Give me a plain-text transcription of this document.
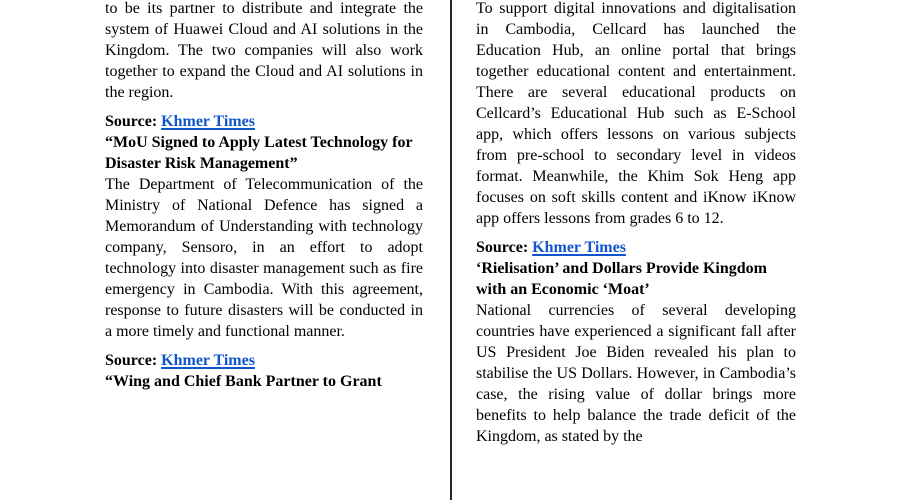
to be its partner to distribute and integrate the system of Huawei Cloud and AI solutions in the Kingdom. The two companies will also work together to expand the Cloud and AI solutions in the region.

Source: Khmer Times

“MoU Signed to Apply Latest Technology for Disaster Risk Management”

The Department of Telecommunication of the Ministry of National Defence has signed a Memorandum of Understanding with technology company, Sensoro, in an effort to adopt technology into disaster management such as fire emergency in Cambodia. With this agreement, response to future disasters will be conducted in a more timely and functional manner.

Source: Khmer Times

“Wing and Chief Bank Partner to Grant

To support digital innovations and digitalisation in Cambodia, Cellcard has launched the Education Hub, an online portal that brings together educational content and entertainment. There are several educational products on Cellcard’s Educational Hub such as E-School app, which offers lessons on various subjects from pre-school to secondary level in videos format. Meanwhile, the Khim Sok Heng app focuses on soft skills content and iKnow iKnow app offers lessons from grades 6 to 12.

Source: Khmer Times

‘Rielisation’ and Dollars Provide Kingdom with an Economic ‘Moat’

National currencies of several developing countries have experienced a significant fall after US President Joe Biden revealed his plan to stabilise the US Dollars. However, in Cambodia’s case, the rising value of dollar brings more benefits to help balance the trade deficit of the Kingdom, as stated by the
